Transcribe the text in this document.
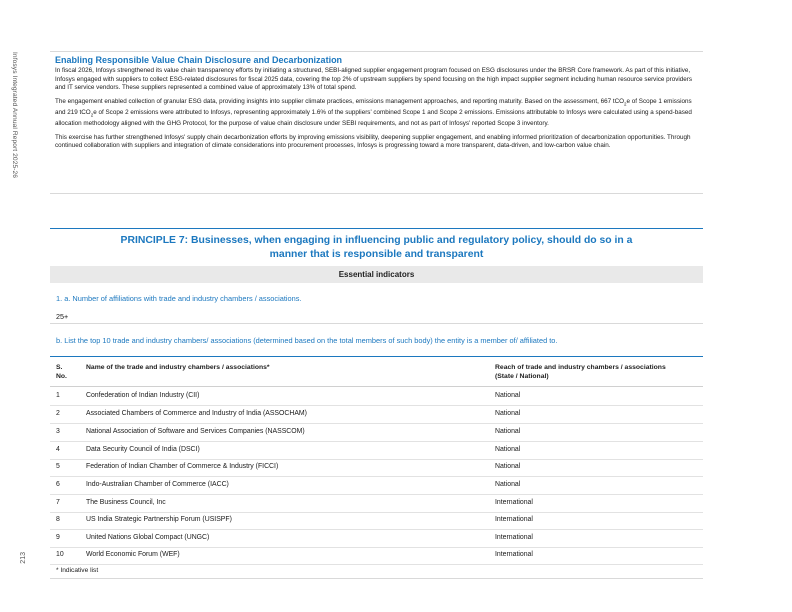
Infosys Integrated Annual Report 2025-26
213
Enabling Responsible Value Chain Disclosure and Decarbonization

In fiscal 2026, Infosys strengthened its value chain transparency efforts by initiating a structured, SEBI-aligned supplier engagement program focused on ESG disclosures under the BRSR Core framework. As part of this initiative, Infosys engaged with suppliers to collect ESG-related disclosures for fiscal 2025 data, covering the top 2% of upstream suppliers by spend focusing on the high impact supplier segment including human resource service providers and IT service vendors. These suppliers represented a combined value of approximately 13% of total spend.

The engagement enabled collection of granular ESG data, providing insights into supplier climate practices, emissions management approaches, and reporting maturity. Based on the assessment, 667 tCO$_2$e of Scope 1 emissions and 219 tCO$_2$e of Scope 2 emissions were attributed to Infosys, representing approximately 1.6% of the suppliers' combined Scope 1 and Scope 2 emissions. Emissions attributable to Infosys were calculated using a spend-based allocation methodology aligned with the GHG Protocol, for the purpose of value chain disclosure under SEBI requirements, and not as part of Infosys' reported Scope 3 inventory.

This exercise has further strengthened Infosys' supply chain decarbonization efforts by improving emissions visibility, deepening supplier engagement, and enabling informed prioritization of decarbonization opportunities. Through continued collaboration with suppliers and integration of climate considerations into procurement processes, Infosys is progressing toward a more transparent, data-driven, and low-carbon value chain.

PRINCIPLE 7: Businesses, when engaging in influencing public and regulatory policy, should do so in a
manner that is responsible and transparent
Essential indicators
1. a. Number of affiliations with trade and industry chambers / associations.
25+
b. List the top 10 trade and industry chambers/ associations (determined based on the total members of such body) the entity is a member of/ affiliated to.
S.
No.
Name of the trade and industry chambers / associations*	Reach of trade and industry chambers / associations
(State / National)
1	Confederation of Indian Industry (CII)	National
2	Associated Chambers of Commerce and Industry of India (ASSOCHAM)	National
3	National Association of Software and Services Companies (NASSCOM)	National
4	Data Security Council of India (DSCI)	National
5	Federation of Indian Chamber of Commerce & Industry (FICCI)	National
6	Indo-Australian Chamber of Commerce (IACC)	National
7	The Business Council, Inc	International
8	US India Strategic Partnership Forum (USISPF)	International
9	United Nations Global Compact (UNGC)	International
10	World Economic Forum (WEF)	International
* Indicative list
